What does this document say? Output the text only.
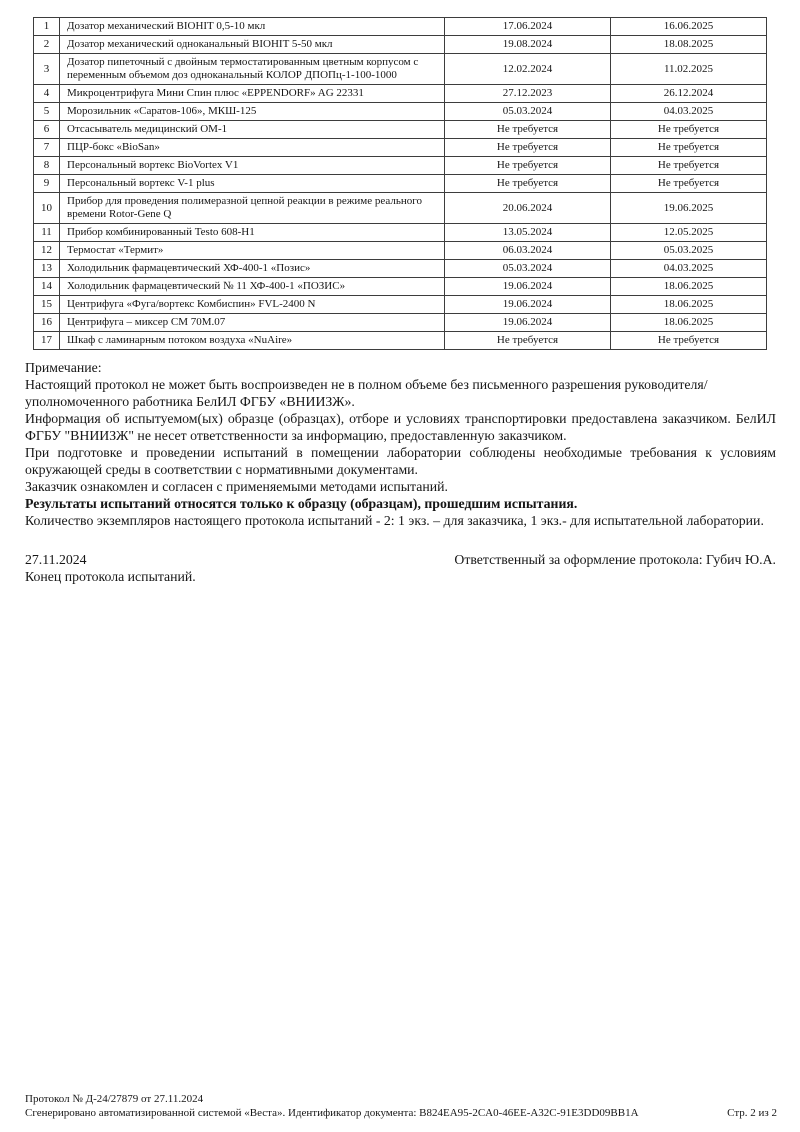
1	Дозатор механический BIOHIT 0,5-10 мкл	17.06.2024	16.06.2025
2	Дозатор механический одноканальный BIOHIT 5-50 мкл	19.08.2024	18.08.2025
3	Дозатор пипеточный с двойным термостатированным цветным корпусом с переменным объемом доз одноканальный КОЛОР ДПОПц-1-100-1000	12.02.2024	11.02.2025
4	Микроцентрифуга Мини Спин плюс «EPPENDORF» AG 22331	27.12.2023	26.12.2024
5	Морозильник «Саратов-106», МКШ-125	05.03.2024	04.03.2025
6	Отсасыватель медицинский ОМ-1	Не требуется	Не требуется
7	ПЦР-бокс «BioSan»	Не требуется	Не требуется
8	Персональный вортекс BioVortex V1	Не требуется	Не требуется
9	Персональный вортекс V-1 plus	Не требуется	Не требуется
10	Прибор для проведения полимеразной цепной реакции в режиме реального времени Rotor-Gene Q	20.06.2024	19.06.2025
11	Прибор комбинированный Testo 608-H1	13.05.2024	12.05.2025
12	Термостат «Термит»	06.03.2024	05.03.2025
13	Холодильник фармацевтический ХФ-400-1 «Позис»	05.03.2024	04.03.2025
14	Холодильник фармацевтический № 11 ХФ-400-1 «ПОЗИС»	19.06.2024	18.06.2025
15	Центрифуга «Фуга/вортекс Комбиспин» FVL-2400 N	19.06.2024	18.06.2025
16	Центрифуга – миксер CM 70M.07	19.06.2024	18.06.2025
17	Шкаф с ламинарным потоком воздуха «NuAire»	Не требуется	Не требуется

Примечание:

Настоящий протокол не может быть воспроизведен не в полном объеме без письменного разрешения руководителя/уполномоченного работника БелИЛ ФГБУ «ВНИИЗЖ».

Информация об испытуемом(ых) образце (образцах), отборе и условиях транспортировки предоставлена заказчиком. БелИЛ ФГБУ "ВНИИЗЖ" не несет ответственности за информацию, предоставленную заказчиком.

При подготовке и проведении испытаний в помещении лаборатории соблюдены необходимые требования к условиям окружающей среды в соответствии с нормативными документами.

Заказчик ознакомлен и согласен с применяемыми методами испытаний.

Результаты испытаний относятся только к образцу (образцам), прошедшим испытания.

Количество экземпляров настоящего протокола испытаний - 2: 1 экз. – для заказчика, 1 экз.- для испытательной лаборатории.

27.11.2024	Ответственный за оформление протокола: Губич Ю.А.

Конец протокола испытаний.

Протокол № Д-24/27879 от 27.11.2024
Сгенерировано автоматизированной системой «Веста». Идентификатор документа: B824EA95-2CA0-46EE-A32C-91E3DD09BB1A	Стр. 2 из 2
